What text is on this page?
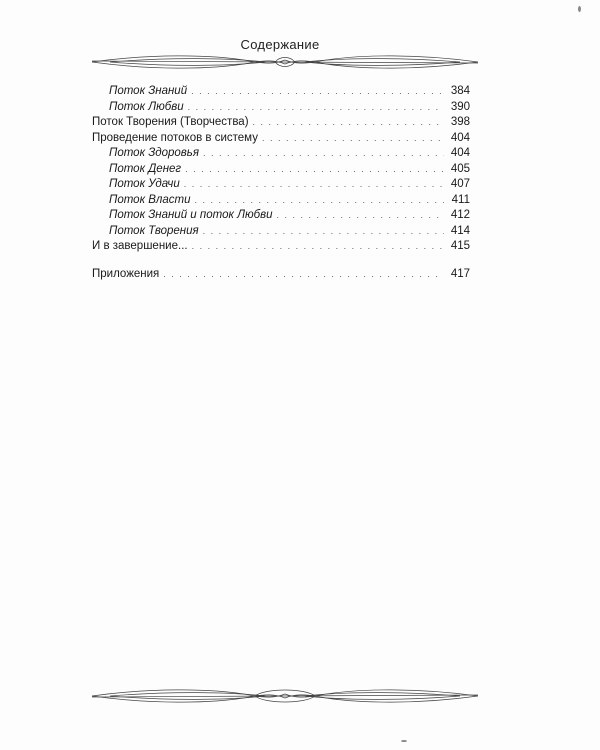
Содержание
Поток Знаний . . .	384
Поток Любви . . .	390
Поток Творения (Творчества) . . .	398
Проведение потоков в систему . . .	404
Поток Здоровья . . .	404
Поток Денег . . .	405
Поток Удачи . . .	407
Поток Власти . . .	411
Поток Знаний и поток Любви . . .	412
Поток Творения . . .	414
И в завершение... . . .	415
Приложения . . .	417
